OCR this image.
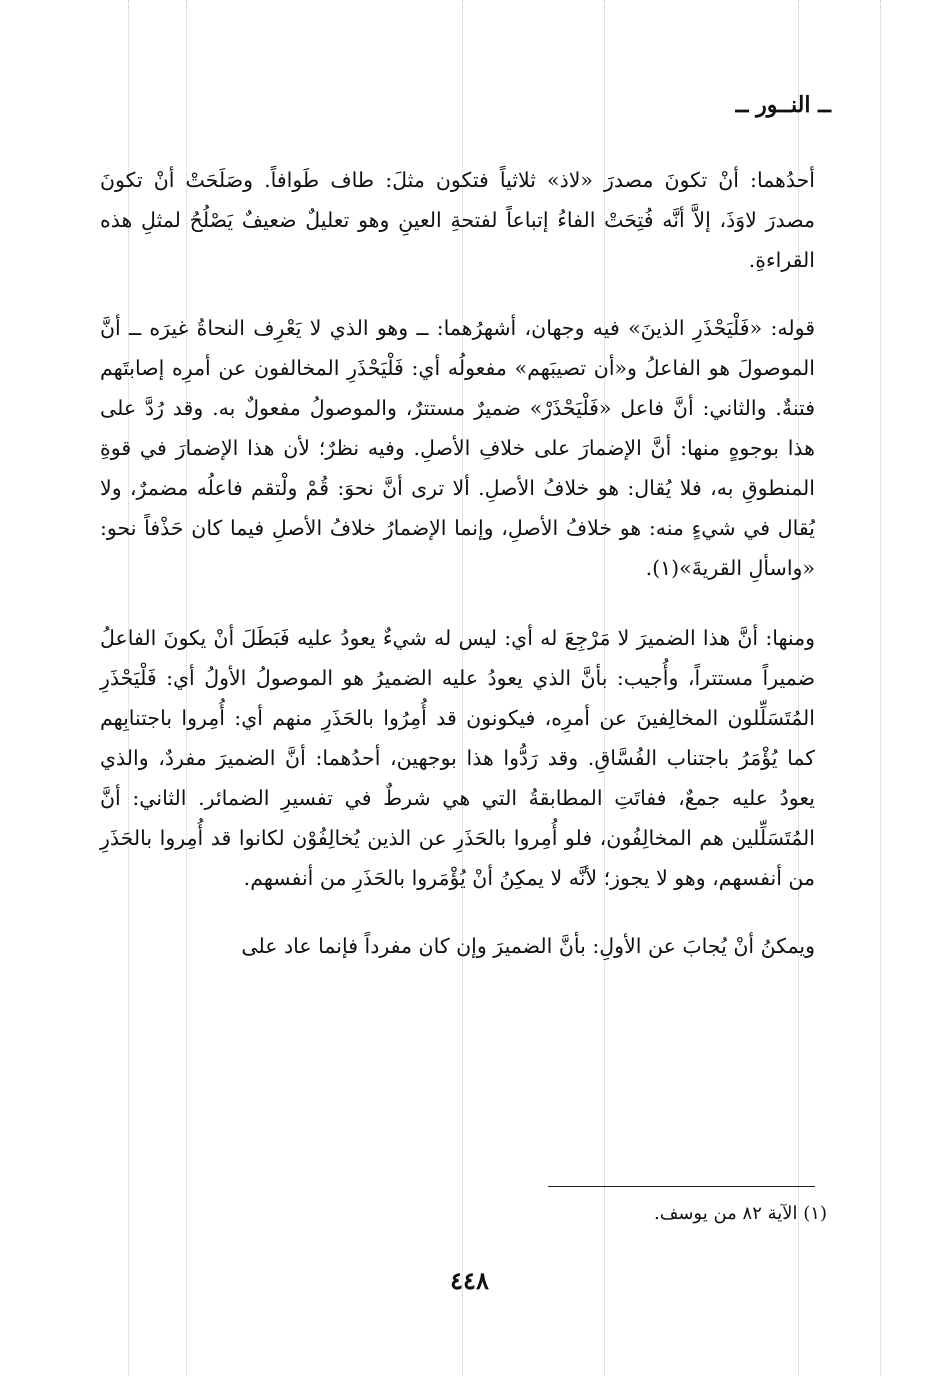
ــ النــور ــ

أحدُهما: أنْ تكونَ مصدرَ «لاذ» ثلاثياً فتكون مثلَ: طاف طَوافاً. وصَلَحَتْ أنْ تكونَ مصدرَ لاوَذَ، إلاَّ أنَّه فُتِحَتْ الفاءُ إتباعاً لفتحةِ العينِ وهو تعليلٌ ضعيفٌ يَصْلُحُ لمثلِ هذه القراءةِ.

قوله: «فَلْيَحْذَرِ الذينَ» فيه وجهان، أشهرُهما: ــ وهو الذي لا يَعْرِف النحاةُ غيرَه ــ أنَّ الموصولَ هو الفاعلُ و«أن تصيبَهم» مفعولُه أي: فَلْيَحْذَرِ المخالفون عن أمرِه إصابتَهم فتنةٌ. والثاني: أنَّ فاعل «فَلْيَحْذَرْ» ضميرٌ مستترٌ، والموصولُ مفعولٌ به. وقد رُدَّ على هذا بوجوهٍ منها: أنَّ الإضمارَ على خلافِ الأصلِ. وفيه نظرٌ؛ لأن هذا الإضمارَ في قوةِ المنطوقِ به، فلا يُقال: هو خلافُ الأصلِ. ألا ترى أنَّ نحوَ: قُمْ ولْتقم فاعلُه مضمرٌ، ولا يُقال في شيءٍ منه: هو خلافُ الأصلِ، وإنما الإضمارُ خلافُ الأصلِ فيما كان حَذْفاً نحو: «واسألِ القريةَ»(١).

ومنها: أنَّ هذا الضميرَ لا مَرْجِعَ له أي: ليس له شيءٌ يعودُ عليه فَبَطَلَ أنْ يكونَ الفاعلُ ضميراً مستتراً، وأُجيب: بأنَّ الذي يعودُ عليه الضميرُ هو الموصولُ الأولُ أي: فَلْيَحْذَرِ المُتَسَلِّلون المخالِفينَ عن أمرِه، فيكونون قد أُمِرُوا بالحَذَرِ منهم أي: أُمِروا باجتنابِهم كما يُؤْمَرُ باجتناب الفُسَّاقِ. وقد رَدُّوا هذا بوجهين، أحدُهما: أنَّ الضميرَ مفردٌ، والذي يعودُ عليه جمعٌ، ففاتَتِ المطابقةُ التي هي شرطٌ في تفسيرِ الضمائر. الثاني: أنَّ المُتَسَلِّلين هم المخالِفُون، فلو أُمِروا بالحَذَرِ عن الذين يُخالِفُوْن لكانوا قد أُمِروا بالحَذَرِ من أنفسهم، وهو لا يجوز؛ لأنَّه لا يمكِنُ أنْ يُؤْمَروا بالحَذَرِ من أنفسهم.

ويمكنُ أنْ يُجابَ عن الأولِ: بأنَّ الضميرَ وإن كان مفرداً فإنما عاد على

(١) الآية ٨٢ من يوسف.
٤٤٨
